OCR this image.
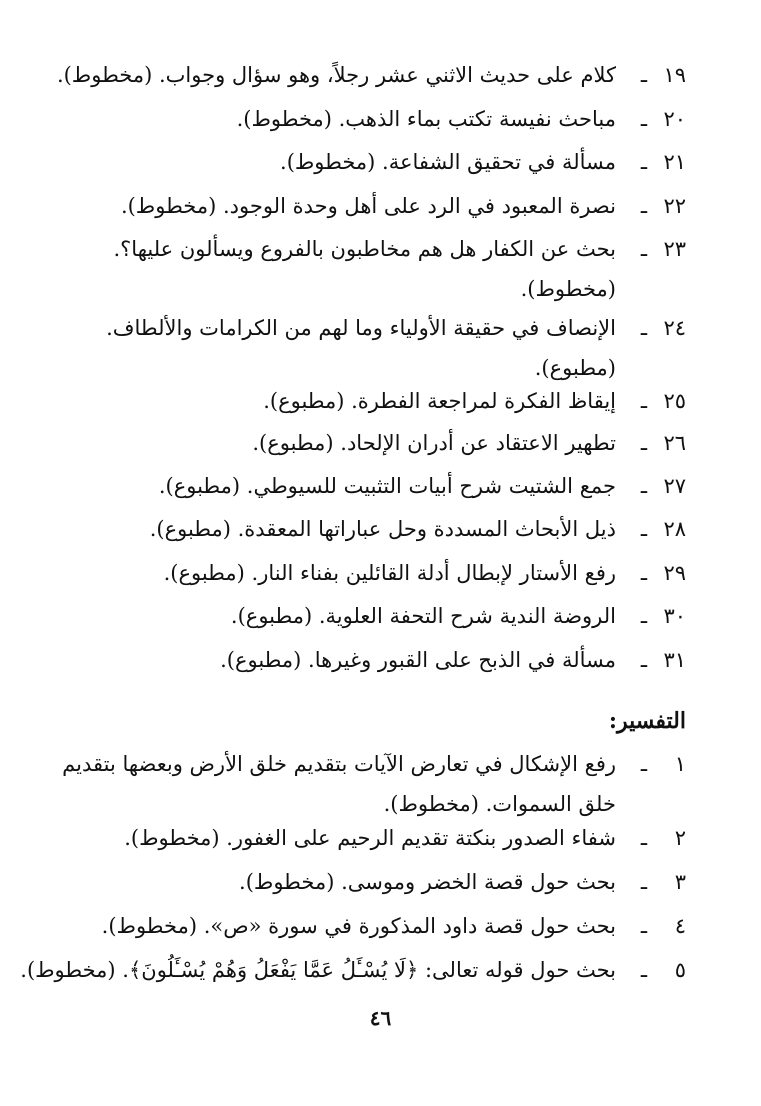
١٩
ـ
كلام على حديث الاثني عشر رجلاً، وهو سؤال وجواب. (مخطوط).
٢٠
ـ
مباحث نفيسة تكتب بماء الذهب. (مخطوط).
٢١
ـ
مسألة في تحقيق الشفاعة. (مخطوط).
٢٢
ـ
نصرة المعبود في الرد على أهل وحدة الوجود. (مخطوط).
٢٣
ـ
بحث عن الكفار هل هم مخاطبون بالفروع ويسألون عليها؟.
(مخطوط).
٢٤
ـ
الإنصاف في حقيقة الأولياء وما لهم من الكرامات والألطاف.
(مطبوع).
٢٥
ـ
إيقاظ الفكرة لمراجعة الفطرة. (مطبوع).
٢٦
ـ
تطهير الاعتقاد عن أدران الإلحاد. (مطبوع).
٢٧
ـ
جمع الشتيت شرح أبيات التثبيت للسيوطي. (مطبوع).
٢٨
ـ
ذيل الأبحاث المسددة وحل عباراتها المعقدة. (مطبوع).
٢٩
ـ
رفع الأستار لإبطال أدلة القائلين بفناء النار. (مطبوع).
٣٠
ـ
الروضة الندية شرح التحفة العلوية. (مطبوع).
٣١
ـ
مسألة في الذبح على القبور وغيرها. (مطبوع).
التفسير:
١
ـ
رفع الإشكال في تعارض الآيات بتقديم خلق الأرض وبعضها بتقديم
خلق السموات. (مخطوط).
٢
ـ
شفاء الصدور بنكتة تقديم الرحيم على الغفور. (مخطوط).
٣
ـ
بحث حول قصة الخضر وموسى. (مخطوط).
٤
ـ
بحث حول قصة داود المذكورة في سورة «ص». (مخطوط).
٥
ـ
بحث حول قوله تعالى: ﴿لَا يُسْـَٔلُ عَمَّا يَفْعَلُ وَهُمْ يُسْـَٔلُونَ﴾. (مخطوط).
٤٦
